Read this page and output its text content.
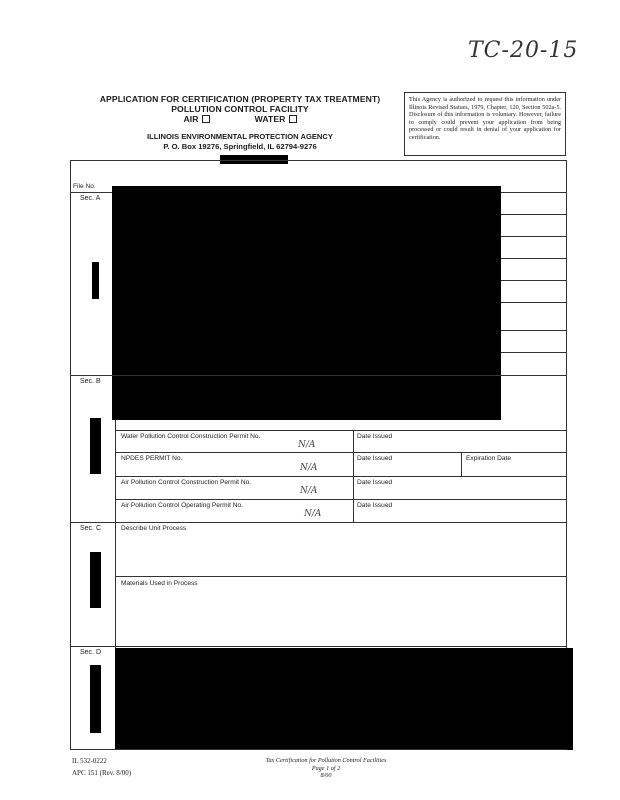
TC-20-15
APPLICATION FOR CERTIFICATION (PROPERTY TAX TREATMENT)
POLLUTION CONTROL FACILITY
AIR	WATER
ILLINOIS ENVIRONMENTAL PROTECTION AGENCY
P. O. Box 19276, Springfield, IL 62794-9276
This Agency is authorized to request this information under Illinois Revised Statues, 1979, Chapter, 120, Section 502a-5. Disclosure of this information is voluntary. However, failure to comply could prevent your application from being processed or could result in denial of your application for certification.
File No.
Sec. A
Sec. B
Water Pollution Control Construction Permit No.
N/A
Date Issued
NPDES PERMIT No.
N/A
Date Issued	Expiration Date
Air Pollution Control Construction Permit No.
N/A
Date Issued
Air Pollution Control Operating Permit No.
N/A
Date Issued
Sec. C	Describe Unit Process
Materials Used in Process
Sec. D
IL 532-0222
APC 151 (Rev. 8/00)
Tax Certification for Pollution Control Facilities
Page 1 of 2
8/00
